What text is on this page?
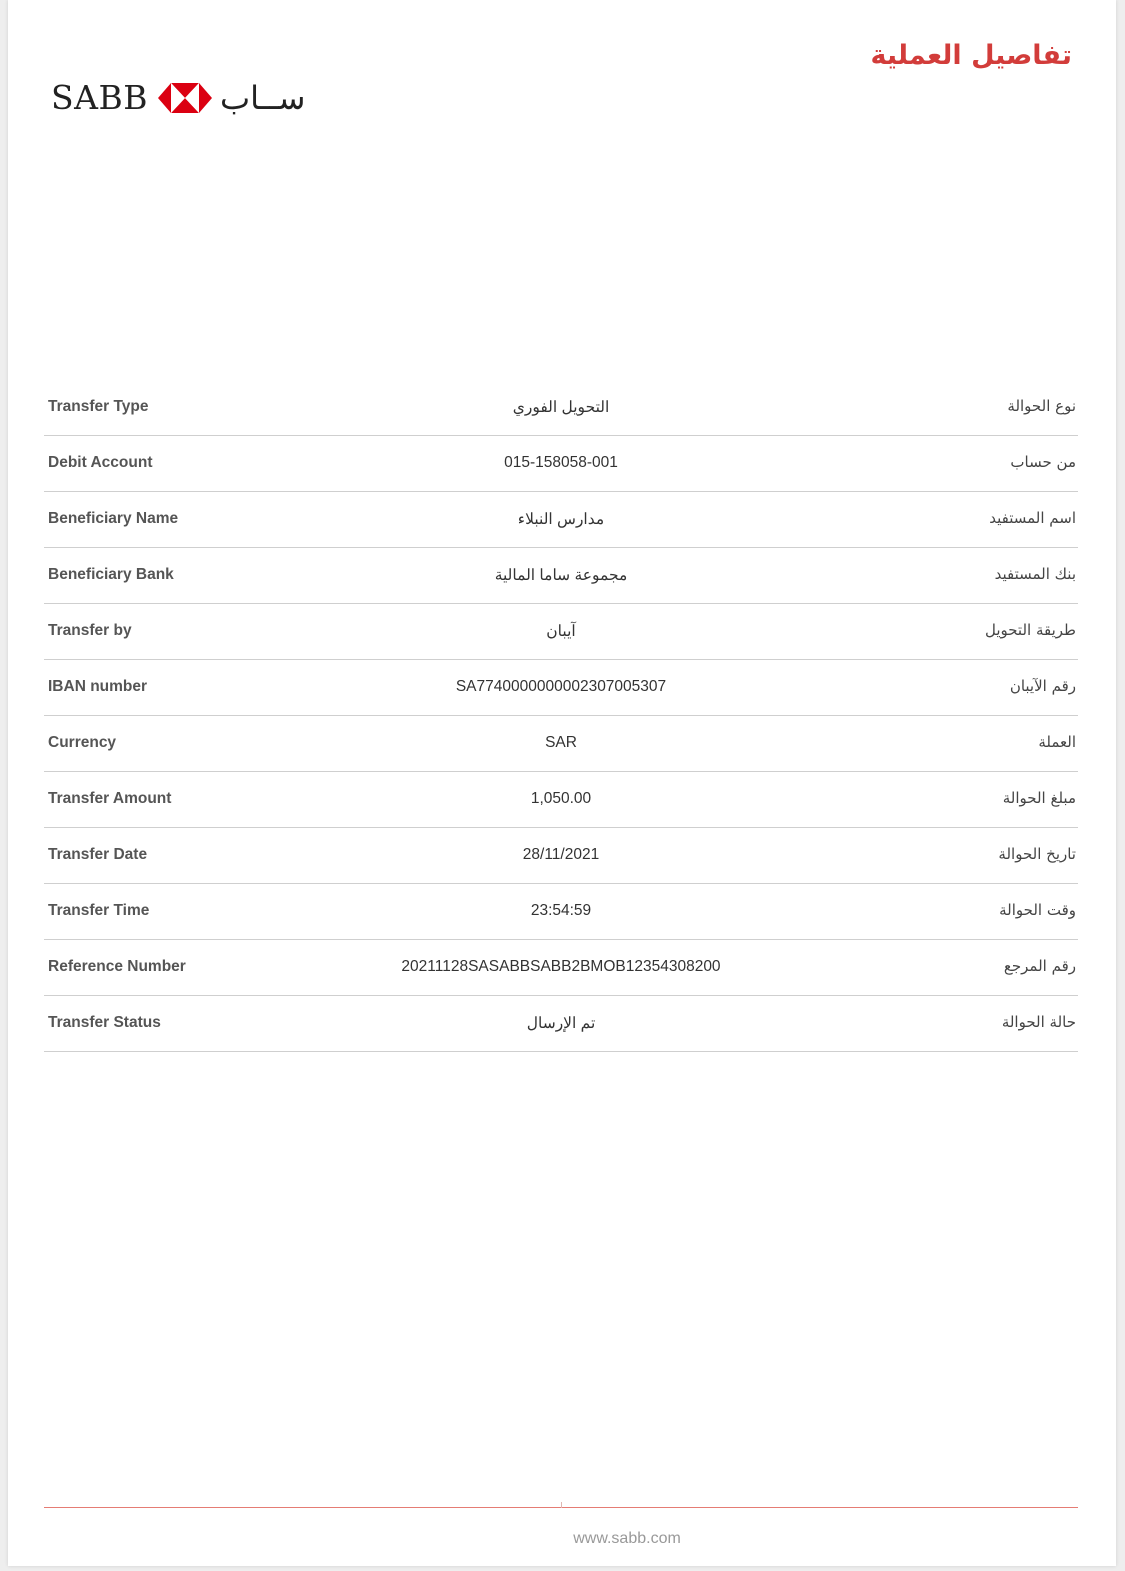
تفاصيل العملية
SABB ســاب
Transfer Type	التحويل الفوري	نوع الحوالة
Debit Account	015-158058-001	من حساب
Beneficiary Name	مدارس النبلاء	اسم المستفيد
Beneficiary Bank	مجموعة ساما المالية	بنك المستفيد
Transfer by	آيبان	طريقة التحويل
IBAN number	SA7740000000002307005307	رقم الآيبان
Currency	SAR	العملة
Transfer Amount	1,050.00	مبلغ الحوالة
Transfer Date	28/11/2021	تاريخ الحوالة
Transfer Time	23:54:59	وقت الحوالة
Reference Number	20211128SASABBSABB2BMOB12354308200	رقم المرجع
Transfer Status	تم الإرسال	حالة الحوالة
www.sabb.com
